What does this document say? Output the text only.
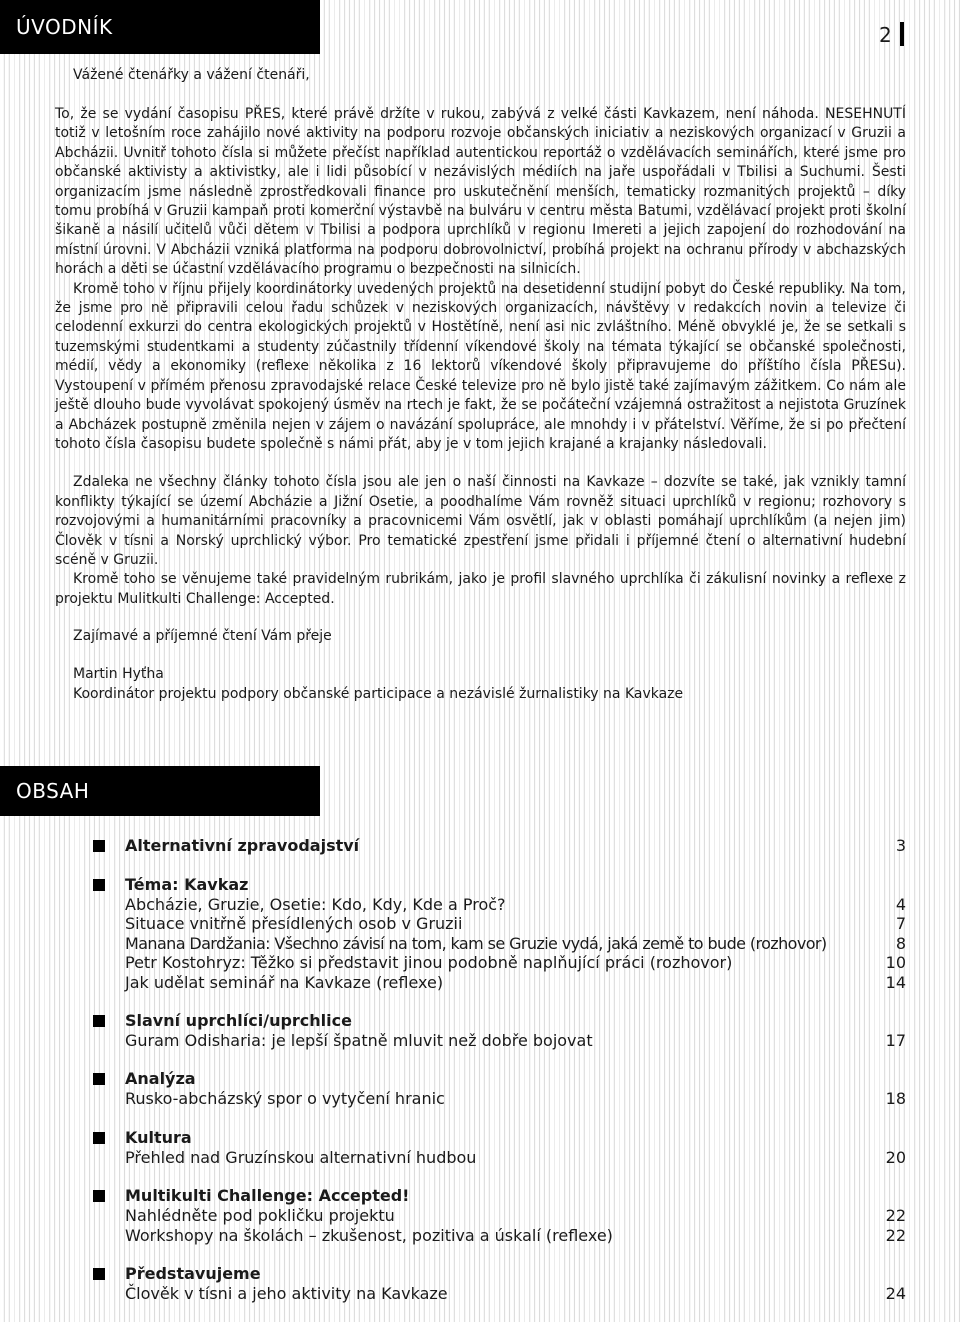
ÚVODNÍK	2

Vážené čtenářky a vážení čtenáři,

To, že se vydání časopisu PŘES, které právě držíte v rukou, zabývá z velké části Kavkazem, není náhoda. NESEHNUTÍ totiž v letošním roce zahájilo nové aktivity na podporu rozvoje občanských iniciativ a neziskových organizací v Gruzii a Abcházii. Uvnitř tohoto čísla si můžete přečíst například autentickou reportáž o vzdělávacích seminářích, které jsme pro občanské aktivisty a aktivistky, ale i lidi působící v nezávislých médiích na jaře uspořádali v Tbilisi a Suchumi. Šesti organizacím jsme následně zprostředkovali finance pro uskutečnění menších, tematicky rozmanitých projektů – díky tomu probíhá v Gruzii kampaň proti komerční výstavbě na bulváru v centru města Batumi, vzdělávací projekt proti školní šikaně a násilí učitelů vůči dětem v Tbilisi a podpora uprchlíků v regionu Imereti a jejich zapojení do rozhodování na místní úrovni. V Abcházii vzniká platforma na podporu dobrovolnictví, probíhá projekt na ochranu přírody v abchazských horách a děti se účastní vzdělávacího programu o bezpečnosti na silnicích.

Kromě toho v říjnu přijely koordinátorky uvedených projektů na desetidenní studijní pobyt do České republiky. Na tom, že jsme pro ně připravili celou řadu schůzek v neziskových organizacích, návštěvy v redakcích novin a televize či celodenní exkurzi do centra ekologických projektů v Hostětíně, není asi nic zvláštního. Méně obvyklé je, že se setkali s tuzemskými studentkami a studenty zúčastnily třídenní víkendové školy na témata týkající se občanské společnosti, médií, vědy a ekonomiky (reflexe několika z 16 lektorů víkendové školy připravujeme do příštího čísla PŘESu). Vystoupení v přímém přenosu zpravodajské relace České televize pro ně bylo jistě také zajímavým zážitkem. Co nám ale ještě dlouho bude vyvolávat spokojený úsměv na rtech je fakt, že se počáteční vzájemná ostražitost a nejistota Gruzínek a Abcházek postupně změnila nejen v zájem o navázání spolupráce, ale mnohdy i v přátelství. Věříme, že si po přečtení tohoto čísla časopisu budete společně s námi přát, aby je v tom jejich krajané a krajanky následovali.

Zdaleka ne všechny články tohoto čísla jsou ale jen o naší činnosti na Kavkaze – dozvíte se také, jak vznikly tamní konflikty týkající se území Abcházie a Jižní Osetie, a poodhalíme Vám rovněž situaci uprchlíků v regionu; rozhovory s rozvojovými a humanitárními pracovníky a pracovnicemi Vám osvětlí, jak v oblasti pomáhají uprchlíkům (a nejen jim) Člověk v tísni a Norský uprchlický výbor. Pro tematické zpestření jsme přidali i příjemné čtení o alternativní hudební scéně v Gruzii.

Kromě toho se věnujeme také pravidelným rubrikám, jako je profil slavného uprchlíka či zákulisní novinky a reflexe z projektu Mulitkulti Challenge: Accepted.

Zajímavé a příjemné čtení Vám přeje

Martin Hyťha

Koordinátor projektu podpory občanské participace a nezávislé žurnalistiky na Kavkaze

OBSAH
Alternativní zpravodajství	3
Téma: Kavkaz
Abcházie, Gruzie, Osetie: Kdo, Kdy, Kde a Proč?	4
Situace vnitřně přesídlených osob v Gruzii	7
Manana Dardžania: Všechno závisí na tom, kam se Gruzie vydá, jaká země to bude (rozhovor)	8
Petr Kostohryz: Těžko si představit jinou podobně naplňující práci (rozhovor)	10
Jak udělat seminář na Kavkaze (reflexe)	14
Slavní uprchlíci/uprchlice
Guram Odisharia: je lepší špatně mluvit než dobře bojovat	17
Analýza
Rusko-abcházský spor o vytyčení hranic	18
Kultura
Přehled nad Gruzínskou alternativní hudbou	20
Multikulti Challenge: Accepted!
Nahlédněte pod pokličku projektu	22
Workshopy na školách – zkušenost, pozitiva a úskalí (reflexe)	22
Představujeme
Člověk v tísni a jeho aktivity na Kavkaze	24
